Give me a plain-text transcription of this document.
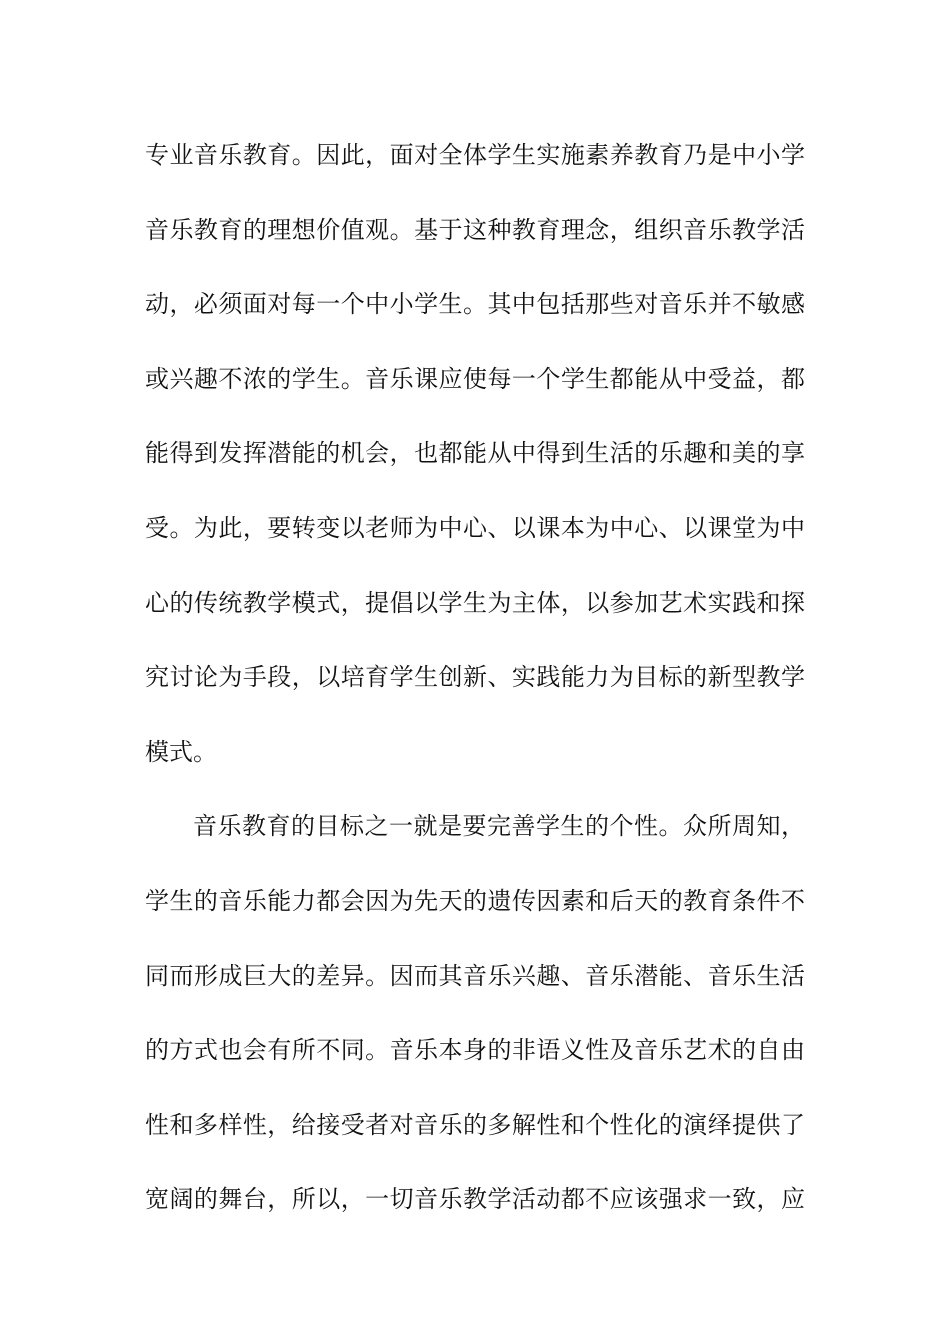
专业音乐教育。因此，面对全体学生实施素养教育乃是中小学
音乐教育的理想价值观。基于这种教育理念，组织音乐教学活
动，必须面对每一个中小学生。其中包括那些对音乐并不敏感
或兴趣不浓的学生。音乐课应使每一个学生都能从中受益，都
能得到发挥潜能的机会，也都能从中得到生活的乐趣和美的享
受。为此，要转变以老师为中心、以课本为中心、以课堂为中
心的传统教学模式，提倡以学生为主体，以参加艺术实践和探
究讨论为手段，以培育学生创新、实践能力为目标的新型教学
模式。
音乐教育的目标之一就是要完善学生的个性。众所周知，
学生的音乐能力都会因为先天的遗传因素和后天的教育条件不
同而形成巨大的差异。因而其音乐兴趣、音乐潜能、音乐生活
的方式也会有所不同。音乐本身的非语义性及音乐艺术的自由
性和多样性，给接受者对音乐的多解性和个性化的演绎提供了
宽阔的舞台，所以，一切音乐教学活动都不应该强求一致，应
